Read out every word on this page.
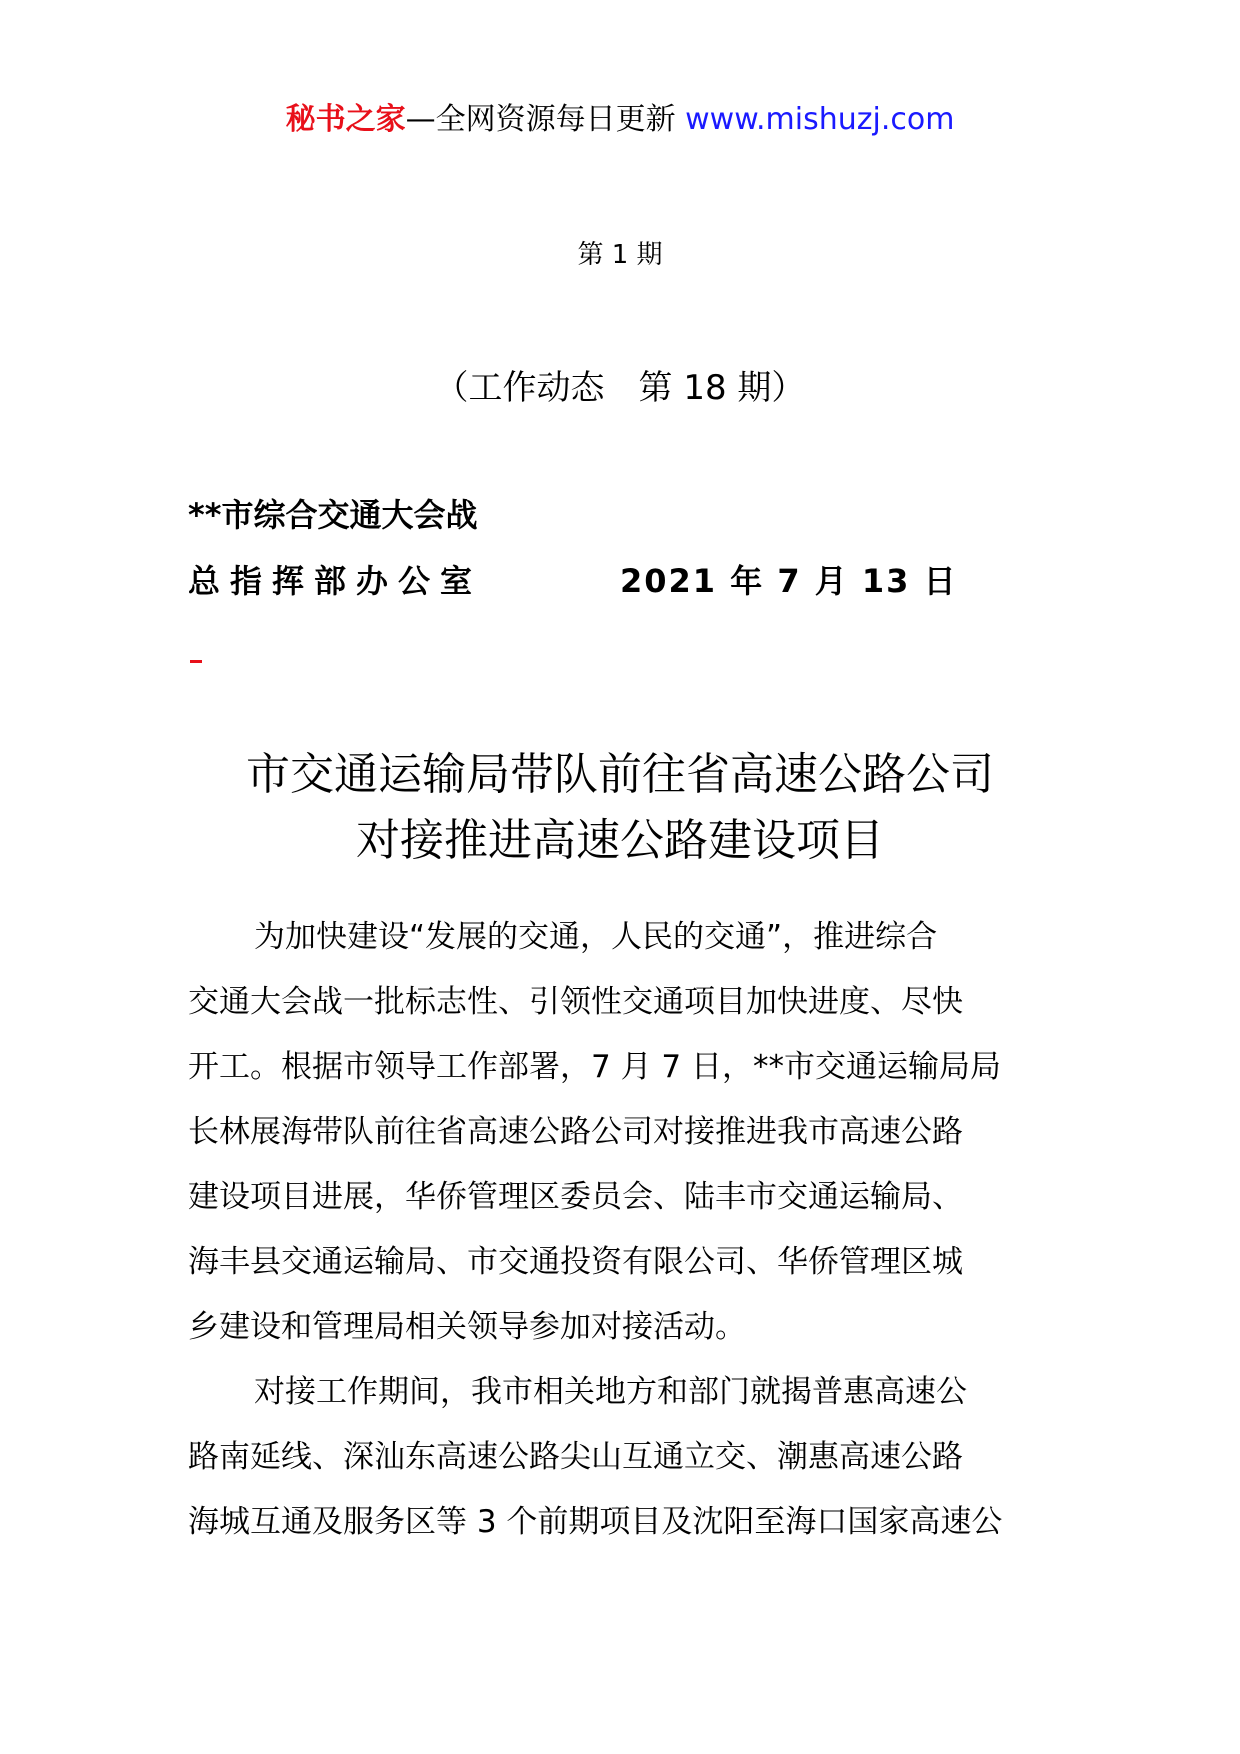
秘书之家—全网资源每日更新 www.mishuzj.com
第 1 期
（工作动态　第 18 期）
**市综合交通大会战
总指挥部办公室	2021 年 7 月 13 日
市交通运输局带队前往省高速公路公司
对接推进高速公路建设项目
为加快建设“发展的交通，人民的交通”，推进综合
交通大会战一批标志性、引领性交通项目加快进度、尽快
开工。根据市领导工作部署，7 月 7 日，**市交通运输局局
长林展海带队前往省高速公路公司对接推进我市高速公路
建设项目进展，华侨管理区委员会、陆丰市交通运输局、
海丰县交通运输局、市交通投资有限公司、华侨管理区城
乡建设和管理局相关领导参加对接活动。
对接工作期间，我市相关地方和部门就揭普惠高速公
路南延线、深汕东高速公路尖山互通立交、潮惠高速公路
海城互通及服务区等 3 个前期项目及沈阳至海口国家高速公
